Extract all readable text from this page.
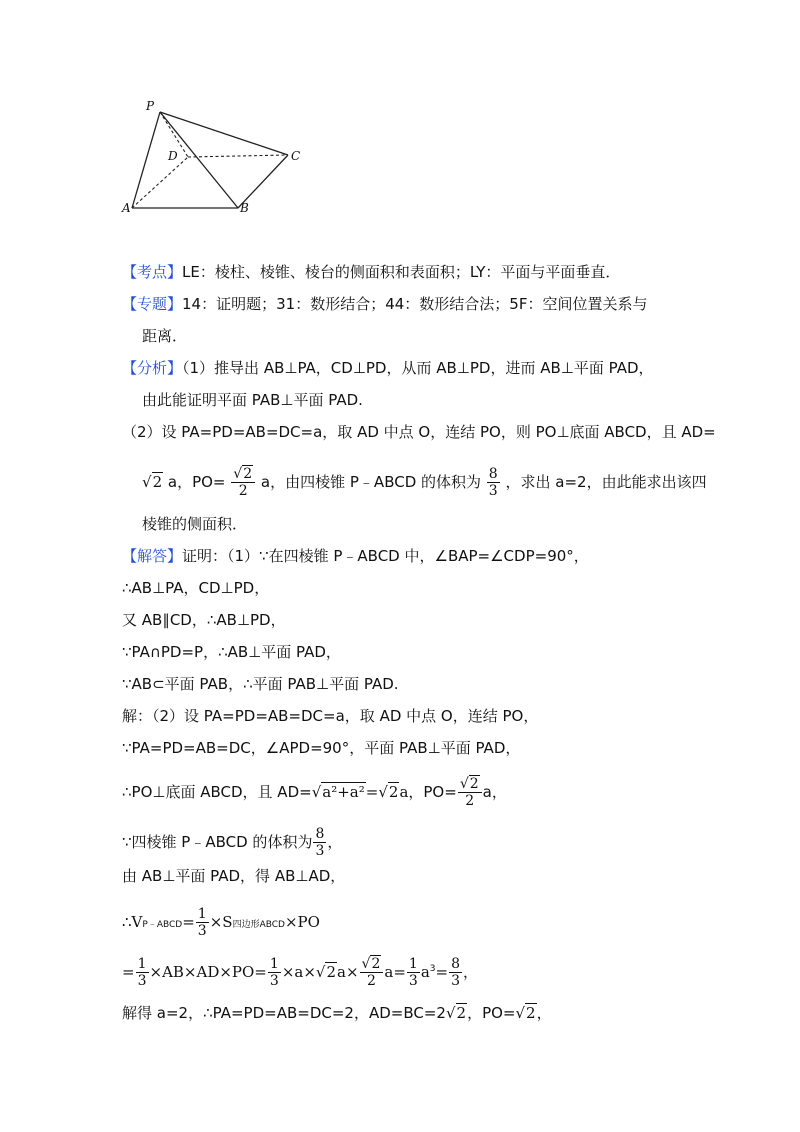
P
D	C
A	B
【考点】LE：棱柱、棱锥、棱台的侧面积和表面积；LY：平面与平面垂直．
【专题】14：证明题；31：数形结合；44：数形结合法；5F：空间位置关系与
距离．
【分析】（1）推导出 AB⊥PA，CD⊥PD，从而 AB⊥PD，进而 AB⊥平面 PAD，
由此能证明平面 PAB⊥平面 PAD.
（2）设 PA=PD=AB=DC=a，取 AD 中点 O，连结 PO，则 PO⊥底面 ABCD，且 AD=
√2 a，$PO= \frac{√2}{2}$ a，由四棱锥 P﹣ABCD 的体积为 $\frac{8}{3}$ ，求出 a=2，由此能求出该四
棱锥的侧面积．
【解答】证明：（1）∵在四棱锥 P﹣ABCD 中，∠BAP=∠CDP=90°，
∴AB⊥PA，CD⊥PD，
又 AB∥CD，∴AB⊥PD，
∵PA∩PD=P，∴AB⊥平面 PAD，
∵AB⊂平面 PAB，∴平面 PAB⊥平面 PAD.
解：（2）设 PA=PD=AB=DC=a，取 AD 中点 O，连结 PO，
∵PA=PD=AB=DC，∠APD=90°，平面 PAB⊥平面 PAD，
∴PO⊥底面 ABCD，且 AD=√a²+a²=√2a，$PO= \frac{√2}{2}$ a，
∵四棱锥 P﹣ABCD 的体积为 $\frac{8}{3}$ ，
由 AB⊥平面 PAD，得 AB⊥AD，
∴VP﹣ABCD= $\frac{1}{3} \times S$四边形ABCD×PO
= $\frac{1}{3} \times AB\times AD\times PO= \frac{1}{3} \times a\times√2a\times \frac{√2}{2} a= \frac{1}{3} a^3= \frac{8}{3}$ ，
解得 a=2，∴PA=PD=AB=DC=2，AD=BC=2√2，PO=√2，
